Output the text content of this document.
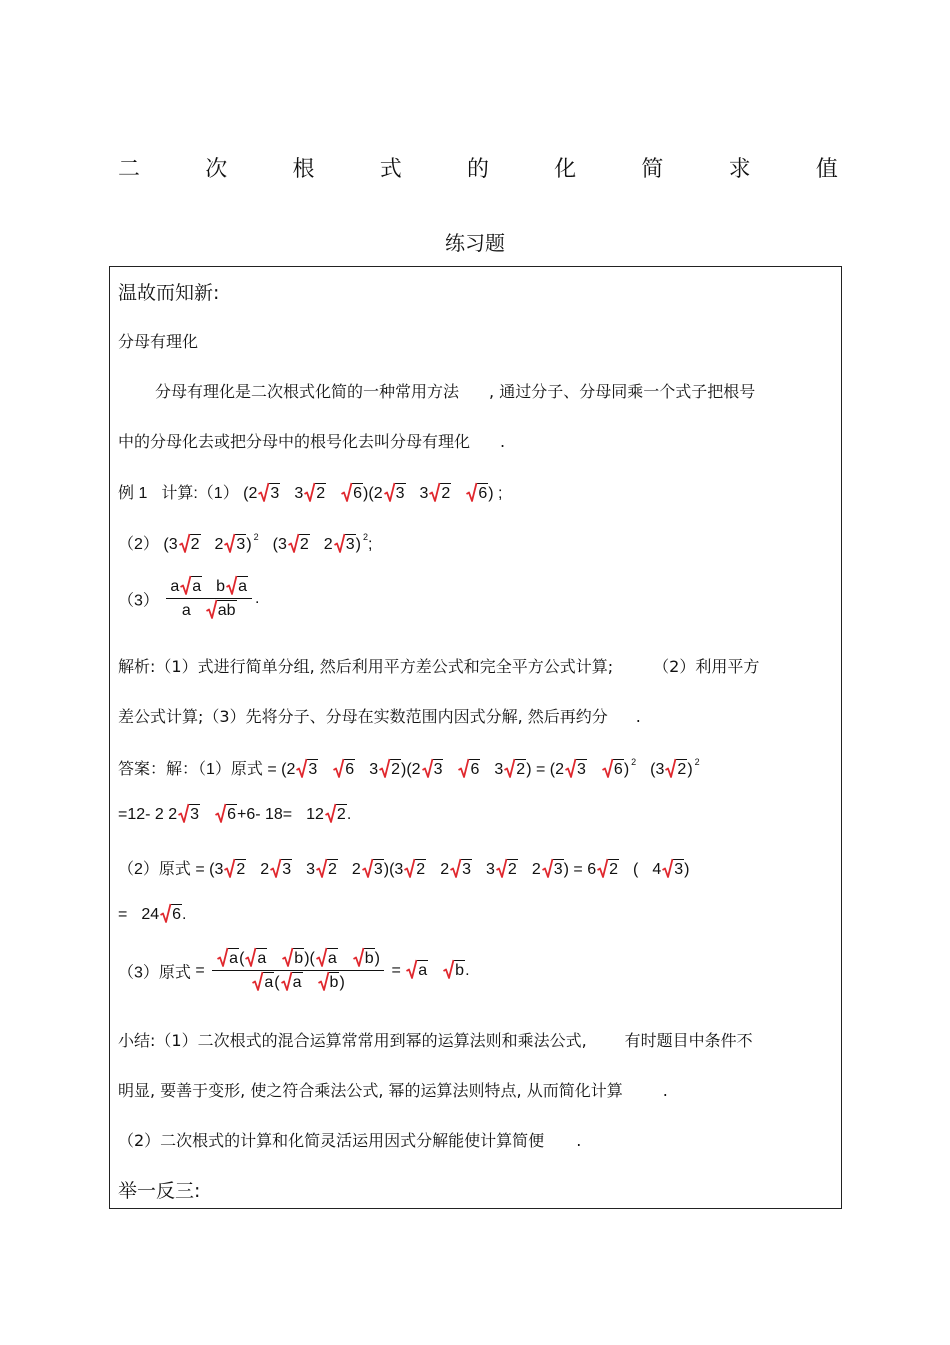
二	次	根	式	的	化	简	求	值
练习题
温故而知新:
分母有理化
分母有理化是二次根式化简的一种常用方法 , 通过分子、分母同乘一个式子把根号
中的分母化去或把分母中的根号化去叫分母有理化 .
例 1 计算:（1） (2 3 3 2 6)(2 3 3 2 6) ;
（2） (3 2 2 3) $^2$ (3 2 2 3) $^2$;
$(3) \frac{\text{a a b a}}{\text{a ab}}$ .
解析:（1）式进行简单分组, 然后利用平方差公式和完全平方公式计算;	（2）利用平方
差公式计算;（3）先将分子、分母在实数范围内因式分解, 然后再约分 .
答案：解：（1）原式 = (2 3 6 3 2)(2 3 6 3 2) = (2 3 6) $^2$ (3 2) $^2$
=12- 2 2 3 6+6- 18= 12 2.
（2）原式 = (3 2 2 3 3 2 2 3)(3 2 2 3 3 2 2 3) = 6 2 ( 4 3)
= 24 6.
（3）原式 = $\frac{\text{a( a b)( a b)}}{\text{a( a b)}} = a$ b.
小结:（1）二次根式的混合运算常常用到幂的运算法则和乘法公式, 有时题目中条件不
明显, 要善于变形, 使之符合乘法公式, 幂的运算法则特点, 从而简化计算	.
（2）二次根式的计算和化简灵活运用因式分解能使计算简便 .
举一反三:
